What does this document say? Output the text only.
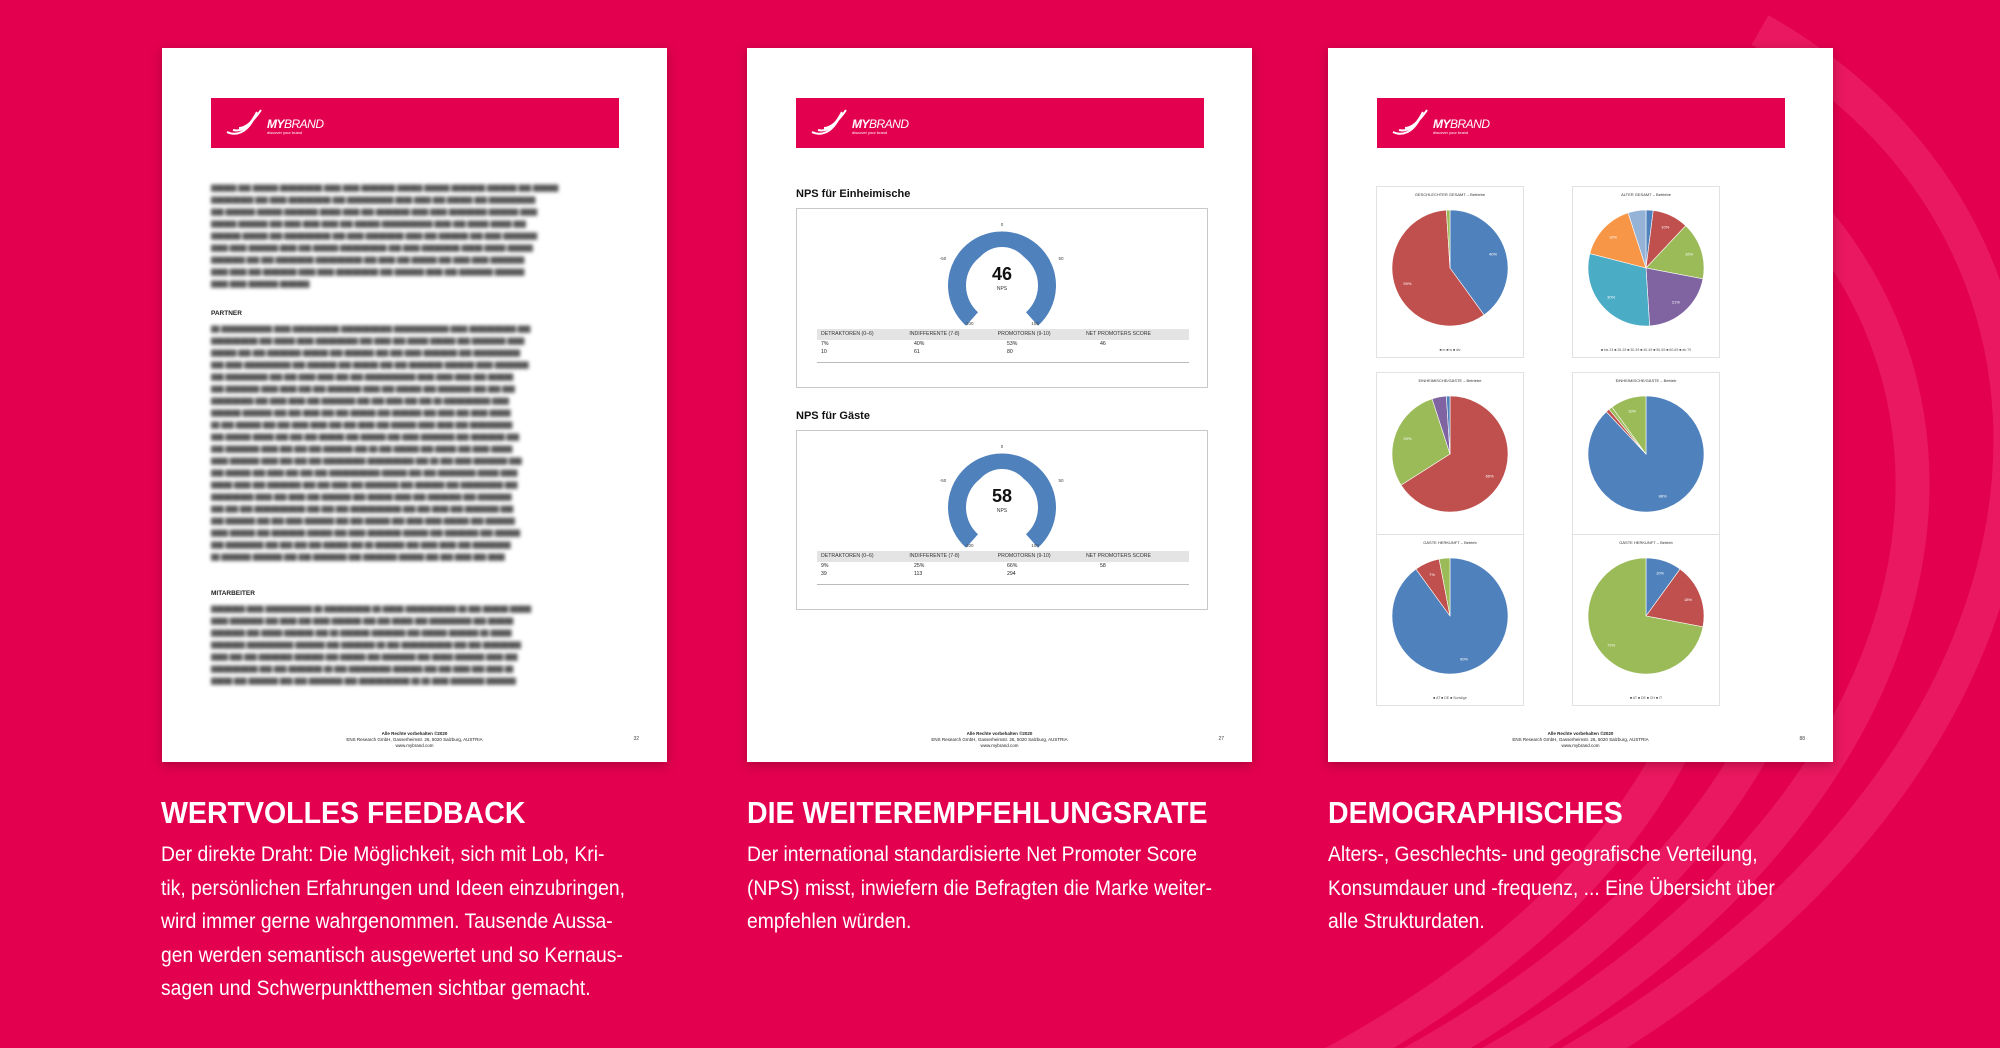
MYBRAND
discover your brand
██████ ███ ██████ ██████████ ████ ████ ████████ ██████ ██████ ████████ ███████ ███ ██████
██████████ ███ ████ ██████████ ███ ███████████ ████ ████ ███ ██████ ███ ███████████
███ ███████ ██████ ████████ █████ ████ ███ ████████ ████ ████ █████████ ███████ ████
██████ ███████ ███ ████ ████ ████ ███ ██████ ████████████ ████ ███ █████ █████ ███
███████ ██████ ███ ███████████ ███ ████ █████████ ████ ███ ███████ ███ ████ ████████
████ ████ ███████ ████ ███ ██████ ███████████ ███ ████ █████████ █████ █████ ██████
████████ ███ ███ █████████ ███████████ ███ ████ ███ ██████ ███ ████ ████ ████████
████ ████ ███ ████████ ████ ████ ██████████ ███ ███████ ████ ███ ████████ ███████
████ ████ ███████ ███████
PARTNER
██ ████████████ ████ ███████████ ████████████ █████████████ ████ ███████████ ███
███████████ ███ █████ ████ ██████████ ███ ████ ███ █████ ██████ ███ ████████ ████
██████ ███ ███ ████████ ██████ ███ ███████ ███ ███ ████ ████████ ███ ███████████
███ ████ ███████████ ███ ███████ ███ ██████ ███ ███ ████████ ███████ ████ ████████
███ ██████████ ███ ███ ████ ████ ███ ███ ████████████ ████ ████ ████ ███ ██████
███ ████████ ████ ████ ███ ███ ████████ ████ ███ ██████ ███ ████████ ███ ███ ███
██████████ ███ ████ ████ ███ ████████ ███ ███ ████ ███ ███ ██ ███████████ ████
███████ ███████ ███ ███ ████ ███ ███ ██████ ███ ███████ ███ ████ ███ ████ █████
██ ███ ██████ ███ ███ ████ ████ ███ ███ ████ ███ ██████ ████ ████ ███ ██████████
███ ██████ █████ ███ ███ ███ ██████ ███ ██████ ███ ████ ████████ ███ ████████ ███
███ ████████ ████ ███ ███ ███ ███████ ███ ██ ███ ██████ ███ █████ ███ ████ █████
████ ███████ ████ ███ ███ ███ ██████████ ███████████ ███ ██ ███ ████ ████████ ███
███ ██████ ███ ████ ███ ███ ███ ████████████ ██████ ███ ███ █████████ █████ ████
█████ ████ ███ ████████ ███ ███ ████ ███ ████████ ███ ███████ ███ ██████████ ███
██████████ ████ ███ ████ ███ ███████ ███ ██████ ████ ███ ████████ ███ ████████
███ ███ ███ ████████████ ███ ███ ███ ████████████ ███ ███ ████ ███ ████████ ███
███ ███████ ███ ███ ████ ███████ ███ ███ ██████ ███ ████ ████ ██████ ███ ███████
████ ██████ ███ ████████ ██████ ███ ████ ████████ ██████ ███ ████████ ███ ██████
███ █████████ ███ ███ ███ ███ ██████ ███ ██ ███████ ███ ████ ████ ███ █████████
██ ███████ ███████ ███ ███ ████████ ███ ████████ ██████ ███ ███ ████ ███ ████
MITARBEITER
████████ ████ ███████████ ██ ███████████ ██ █████ ████████████ ██ ███ ██████ █████
████ ████████ ███ ████ ███ ████ ███████ ███ ███ █████ ███ ██████████ ███ ██████
████████ ███ █████ ███████ ███ ██ ███████ ████████ ███ ██████ ███████ ██ █████
████████ ███████████ ███████ ███ ████████ ██ ███ ████████████ ███ ███ █████████
████ ███ ███ ████████ ███████ ███ ██████ ███ ████████ ███ █████ ███████ ████ ███
███████████ ███ ███ ████████ ██ ███ ██████████ ███████ ███ ███ ████ ███ ████ ██
█████ ███ ███████ ███ ███ ████████ ███ ████████████ ██ ██ ████ ████████ ███████
Alle Rechte vorbehalten ©2020
ENS Research GmbH, Gasserheimstr. 26, 5020 Salzburg, AUSTRIA
www.mybrand.com
32
MYBRAND
discover your brand
NPS für Einheimische
46
NPS
0
-50	50
-100	100
DETRAKTOREN (0–6)	INDIFFERENTE (7-8)	PROMOTOREN (9-10)	NET PROMOTERS SCORE
7%	40%	53%	46
10	61	80
NPS für Gäste
58
NPS
0
-50	50
-100	100
DETRAKTOREN (0–6)	INDIFFERENTE (7-8)	PROMOTOREN (9-10)	NET PROMOTERS SCORE
9%	25%	66%	58
39	113	294
Alle Rechte vorbehalten ©2020
ENS Research GmbH, Gasserheimstr. 26, 5020 Salzburg, AUSTRIA
www.mybrand.com
27
MYBRAND
discover your brand
GESCHLECHTER GESAMT – Betriebe
40%
59%
■ m ■ w ■ div
ALTER GESAMT – Betriebe
10%
16%
21%
30%
16%
■ bis 24 ■ 25-29 ■ 30-39 ■ 40-49 ■ 50-59 ■ 60-69 ■ ab 70
EINHEIMISCHE/GÄSTE – Betriebe
66%
29%
EINHEIMISCHE/GÄSTE – Betrieb
88%
10%
GÄSTE HERKUNFT – Betrieb
90%
7%
■ AT ■ DE ■ Sonstige
GÄSTE HERKUNFT – Betrieb
10%
18%
72%
■ AT ■ DE ■ CH ■ IT
Alle Rechte vorbehalten ©2020
ENS Research GmbH, Gasserheimstr. 26, 5020 Salzburg, AUSTRIA
www.mybrand.com
88
WERTVOLLES FEEDBACK
Der direkte Draht: Die Möglichkeit, sich mit Lob, Kri-
tik, persönlichen Erfahrungen und Ideen einzubringen,
wird immer gerne wahrgenommen. Tausende Aussa-
gen werden semantisch ausgewertet und so Kernaus-
sagen und Schwerpunktthemen sichtbar gemacht.
DIE WEITEREMPFEHLUNGSRATE
Der international standardisierte Net Promoter Score
(NPS) misst, inwiefern die Befragten die Marke weiter-
empfehlen würden.
DEMOGRAPHISCHES
Alters-, Geschlechts- und geografische Verteilung,
Konsumdauer und -frequenz, ... Eine Übersicht über
alle Strukturdaten.
